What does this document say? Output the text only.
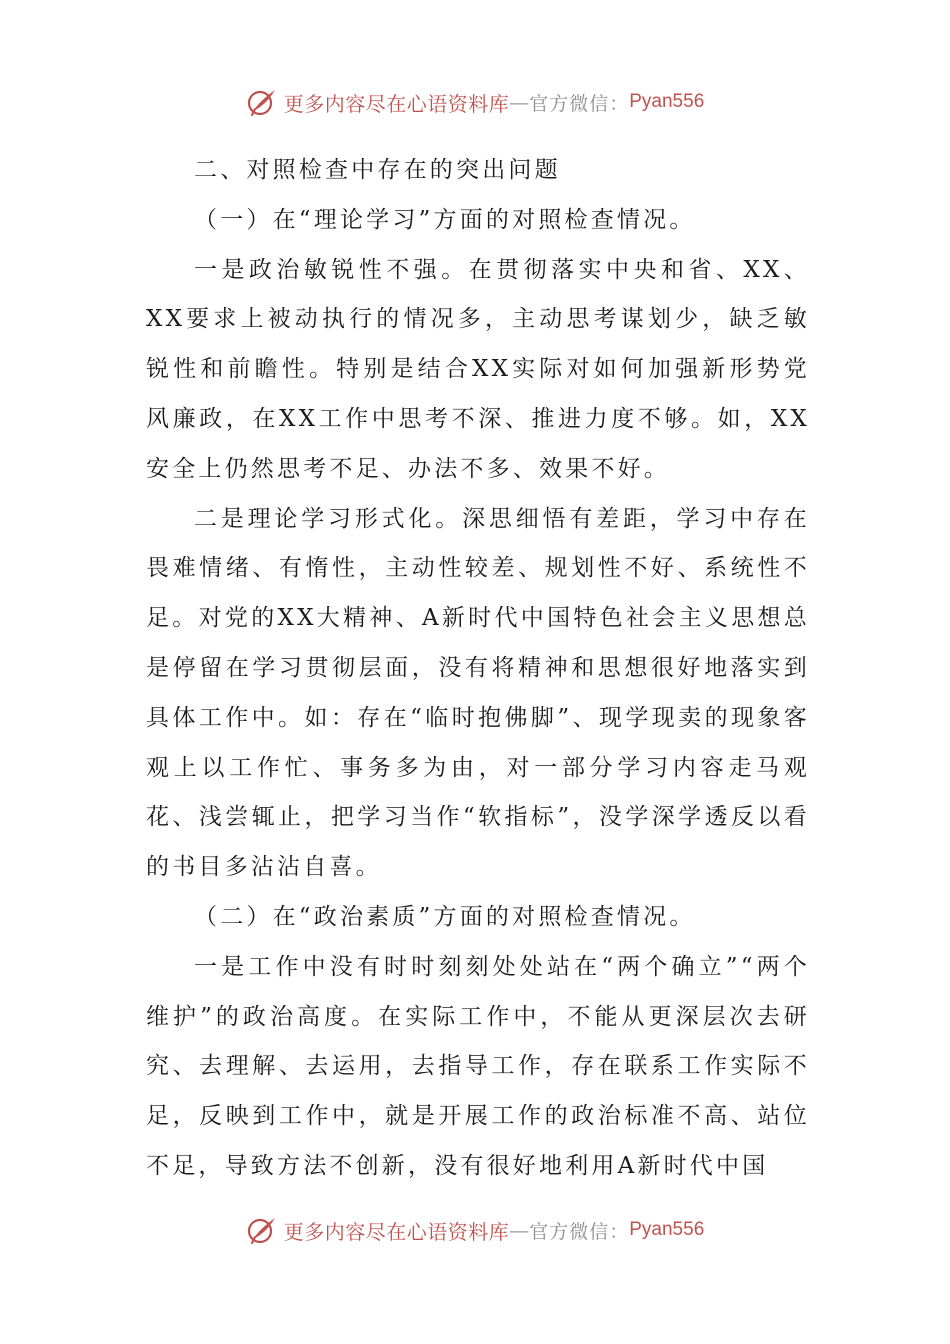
更多内容尽在心语资料库 — 官方微信： Pyan556

二、对照检查中存在的突出问题

（一）在“理论学习”方面的对照检查情况。

一是政治敏锐性不强。在贯彻落实中央和省、XX、XX要求上被动执行的情况多，主动思考谋划少，缺乏敏锐性和前瞻性。特别是结合XX实际对如何加强新形势党风廉政，在XX工作中思考不深、推进力度不够。如，XX安全上仍然思考不足、办法不多、效果不好。

二是理论学习形式化。深思细悟有差距，学习中存在畏难情绪、有惰性，主动性较差、规划性不好、系统性不足。对党的XX大精神、A新时代中国特色社会主义思想总是停留在学习贯彻层面，没有将精神和思想很好地落实到具体工作中。如：存在“临时抱佛脚”、现学现卖的现象客观上以工作忙、事务多为由，对一部分学习内容走马观花、浅尝辄止，把学习当作“软指标”，没学深学透反以看的书目多沾沾自喜。

（二）在“政治素质”方面的对照检查情况。

一是工作中没有时时刻刻处处站在“两个确立”“两个维护”的政治高度。在实际工作中，不能从更深层次去研究、去理解、去运用，去指导工作，存在联系工作实际不足，反映到工作中，就是开展工作的政治标准不高、站位不足，导致方法不创新，没有很好地利用A新时代中国

更多内容尽在心语资料库 — 官方微信： Pyan556
